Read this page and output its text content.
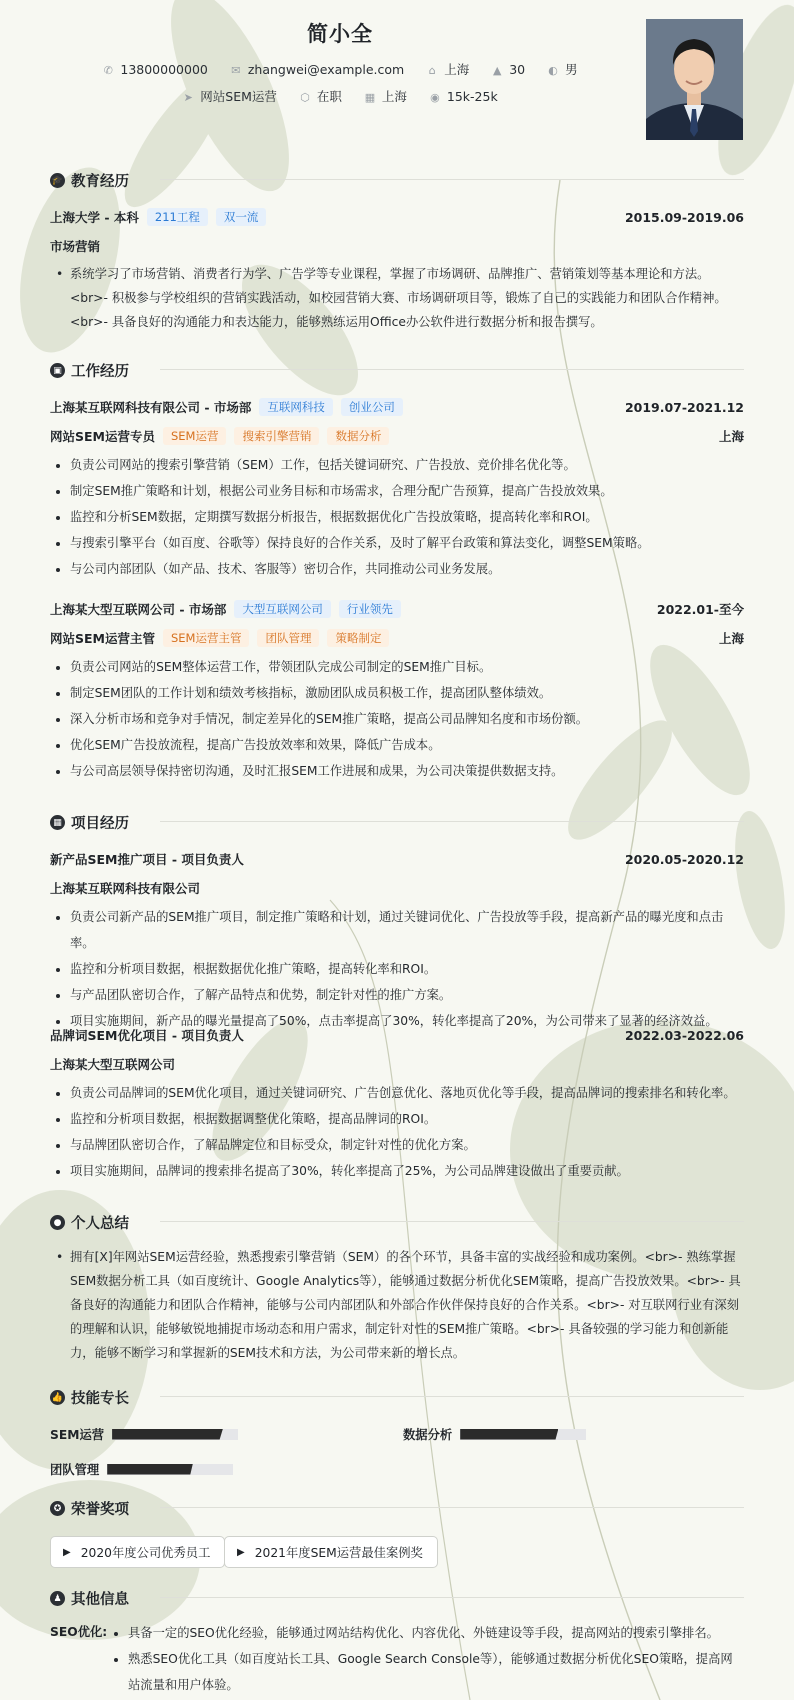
简小全
✆ 13800000000 ✉ zhangwei@example.com ⌂ 上海 ▲ 30 ◐ 男
➤ 网站SEM运营 ⬡ 在职 ▦ 上海 ◉ 15k-25k
🎓 教育经历
上海大学 - 本科	211工程	双一流	2015.09-2019.06
市场营销
• 系统学习了市场营销、消费者行为学、广告学等专业课程，掌握了市场调研、品牌推广、营销策划等基本理论和方法。<br>- 积极参与学校组织的营销实践活动，如校园营销大赛、市场调研项目等，锻炼了自己的实践能力和团队合作精神。<br>- 具备良好的沟通能力和表达能力，能够熟练运用Office办公软件进行数据分析和报告撰写。
▣ 工作经历
上海某互联网科技有限公司 - 市场部	互联网科技	创业公司	2019.07-2021.12
网站SEM运营专员	SEM运营	搜索引擎营销	数据分析	上海
• 负责公司网站的搜索引擎营销（SEM）工作，包括关键词研究、广告投放、竞价排名优化等。
• 制定SEM推广策略和计划，根据公司业务目标和市场需求，合理分配广告预算，提高广告投放效果。
• 监控和分析SEM数据，定期撰写数据分析报告，根据数据优化广告投放策略，提高转化率和ROI。
• 与搜索引擎平台（如百度、谷歌等）保持良好的合作关系，及时了解平台政策和算法变化，调整SEM策略。
• 与公司内部团队（如产品、技术、客服等）密切合作，共同推动公司业务发展。
上海某大型互联网公司 - 市场部	大型互联网公司	行业领先	2022.01-至今
网站SEM运营主管	SEM运营主管	团队管理	策略制定	上海
• 负责公司网站的SEM整体运营工作，带领团队完成公司制定的SEM推广目标。
• 制定SEM团队的工作计划和绩效考核指标，激励团队成员积极工作，提高团队整体绩效。
• 深入分析市场和竞争对手情况，制定差异化的SEM推广策略，提高公司品牌知名度和市场份额。
• 优化SEM广告投放流程，提高广告投放效率和效果，降低广告成本。
• 与公司高层领导保持密切沟通，及时汇报SEM工作进展和成果，为公司决策提供数据支持。
▦ 项目经历
新产品SEM推广项目 - 项目负责人	2020.05-2020.12
上海某互联网科技有限公司
• 负责公司新产品的SEM推广项目，制定推广策略和计划，通过关键词优化、广告投放等手段，提高新产品的曝光度和点击率。
• 监控和分析项目数据，根据数据优化推广策略，提高转化率和ROI。
• 与产品团队密切合作，了解产品特点和优势，制定针对性的推广方案。
• 项目实施期间，新产品的曝光量提高了50%，点击率提高了30%，转化率提高了20%，为公司带来了显著的经济效益。
品牌词SEM优化项目 - 项目负责人	2022.03-2022.06
上海某大型互联网公司
• 负责公司品牌词的SEM优化项目，通过关键词研究、广告创意优化、落地页优化等手段，提高品牌词的搜索排名和转化率。
• 监控和分析项目数据，根据数据调整优化策略，提高品牌词的ROI。
• 与品牌团队密切合作，了解品牌定位和目标受众，制定针对性的优化方案。
• 项目实施期间，品牌词的搜索排名提高了30%，转化率提高了25%，为公司品牌建设做出了重要贡献。
● 个人总结
• 拥有[X]年网站SEM运营经验，熟悉搜索引擎营销（SEM）的各个环节，具备丰富的实战经验和成功案例。<br>- 熟练掌握SEM数据分析工具（如百度统计、Google Analytics等），能够通过数据分析优化SEM策略，提高广告投放效果。<br>- 具备良好的沟通能力和团队合作精神，能够与公司内部团队和外部合作伙伴保持良好的合作关系。<br>- 对互联网行业有深刻的理解和认识，能够敏锐地捕捉市场动态和用户需求，制定针对性的SEM推广策略。<br>- 具备较强的学习能力和创新能力，能够不断学习和掌握新的SEM技术和方法，为公司带来新的增长点。
👍 技能专长
SEM运营	数据分析
团队管理
✪ 荣誉奖项
▶ 2020年度公司优秀员工	▶ 2021年度SEM运营最佳案例奖
♟ 其他信息
SEO优化:
• 具备一定的SEO优化经验，能够通过网站结构优化、内容优化、外链建设等手段，提高网站的搜索引擎排名。
• 熟悉SEO优化工具（如百度站长工具、Google Search Console等），能够通过数据分析优化SEO策略，提高网站流量和用户体验。
